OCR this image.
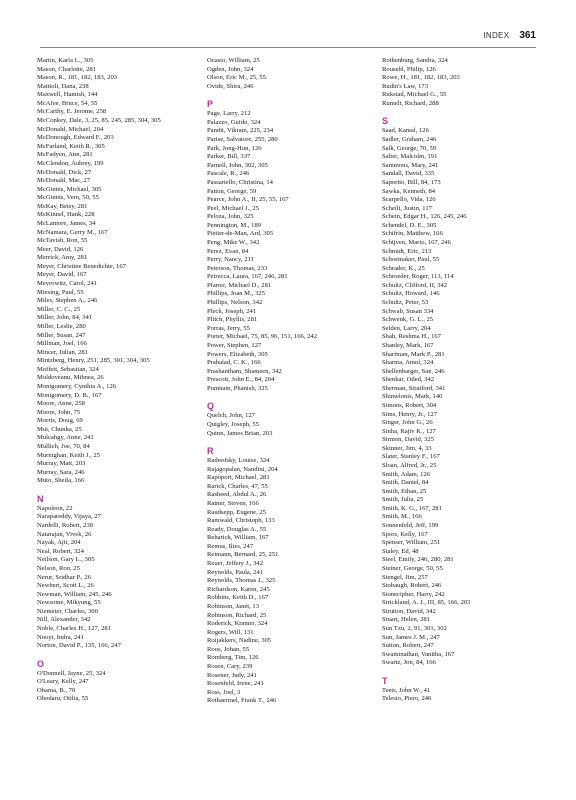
INDEX 361
Martin, Karla L., 305
Mason, Charlotte, 281
Mason, R., 181, 182, 183, 203
Mattioli, Dana, 238
Maxwell, Hamish, 144
McAfee, Bruce, 54, 55
McCarthy, E. Jerome, 258
McConkey, Dale, 3, 25, 85, 245, 285, 304, 305
McDonald, Michael, 204
McDonough, Edward F., 203
McFarland, Keith R., 305
McFadyen, Ann, 281
McClendon, Aubrey, 199
McDonald, Dick, 27
McDonald, Mac, 27
McGinnis, Michael, 305
McGinnis, Vern, 50, 55
McKay, Betsy, 281
McKinnel, Hank, 228
McLamore, James, 34
McNamara, Gerry M., 167
McTavish, Ron, 55
Meer, David, 126
Merrick, Amy, 281
Meyer, Christine Benedichte, 167
Meyer, David, 167
Meyrowitz, Carol, 241
Miesing, Paul, 55
Miles, Stephen A., 246
Miller, C. C., 25
Miller, John, 84, 341
Miller, Leslie, 280
Miller, Susan, 247
Millman, Joel, 166
Mincer, Julian, 281
Mintzberg, Henry, 251, 285, 301, 304, 305
Moffett, Sebastian, 324
Moldoveanu, Mihnea, 26
Montgomery, Cynthia A., 126
Montgomery, D. B., 167
Moore, Anne, 258
Moore, John, 75
Morris, Doug, 69
Mui, Chunka, 25
Mulcahgy, Anne, 241
Mullich, Joe, 70, 84
Murnighan, Keith J., 25
Murray, Matt, 203
Murray, Sara, 246
Muto, Sheila, 166
N
Napoleon, 22
Narapareddy, Vijaya, 27
Nardelli, Robert, 230
Natarajan, Vivek, 26
Nayak, Ajit, 204
Neal, Robert, 324
Neilson, Gary L., 305
Nelson, Ron, 25
Nerur, Sridhar P., 26
Newbert, Scott L., 26
Newman, William, 245, 246
Newsome, Mikyung, 55
Niemeier, Charles, 300
Nill, Alexander, 342
Noble, Charles H., 127, 281
Nooyi, Indra, 241
Norton, David P., 135, 166, 247
O
O'Donnell, Jayne, 25, 324
O'Leary, Kelly, 247
Obama, B., 70
Obodaru, Otilia, 55
Ocasio, William, 25
Ogden, John, 324
Olson, Eric M., 25, 55
Ovide, Shira, 246
P
Page, Larry, 212
Palazzo, Guido, 324
Pandit, Vikram, 225, 234
Parise, Salvatore, 255, 280
Park, Jong-Hun, 126
Parker, Bill, 337
Parnell, John, 302, 305
Pascale, R., 246
Passariello, Christina, 14
Patton, George, 59
Pearce, John A., II, 25, 55, 167
Peel, Michael J., 25
Peloza, John, 325
Pennington, M., 189
Pietier-de-Man, Ard, 305
Peng, Mike W., 342
Perez, Evan, 84
Perry, Nancy, 211
Peterson, Thomas, 233
Petrecca, Laura, 167, 246, 281
Pfarrer, Michael D., 281
Phillips, Joan M., 325
Phillips, Nelson, 342
Pleck, Joseph, 241
Plitch, Phyllis, 281
Porras, Jerry, 55
Porter, Michael, 75, 85, 96, 151, 166, 242
Power, Stephen, 127
Powers, Elizabeth, 305
Prahalad, C. K., 166
Prashantham, Shameen, 342
Prescott, John E., 84, 204
Pumnam, Phanish, 325
Q
Quelch, John, 127
Quigley, Joseph, 55
Quinn, James Brian, 203
R
Radnofsky, Louise, 324
Rajagopalan, Nandini, 204
Rapoport, Michael, 281
Rarick, Charles, 47, 55
Rasheed, Abdul A., 26
Ratner, Steven, 166
Raudsepp, Eugene, 25
Ramwald, Christoph, 133
Ready, Douglas A., 55
Reharick, William, 167
Remus, Ilies, 247
Reimann, Bernard, 25, 251
Reuer, Jeffery J., 342
Reynolds, Paula, 241
Reynolds, Thomas J., 325
Richardson, Karen, 245
Robbins, Keith D., 167
Robinson, Janet, 13
Robinson, Richard, 25
Roderick, Kramer, 324
Rogers, Will, 131
Roijakkers, Nadine, 305
Roos, Johan, 55
Romberg, Tim, 126
Rosen, Cary, 239
Rosener, Judy, 241
Rosenfeld, Irene, 241
Ross, Joel, 3
Rothaermel, Frank T., 246
Rothenburg, Sandra, 324
Rousebl, Philip, 126
Rowe, H., 181, 182, 183, 203
Rudin's Law, 173
Rukstad, Michael G., 55
Rumelt, Richard, 288
S
Saad, Kamal, 126
Sadler, Graham, 246
Salk, George, 70, 59
Salter, Malcolm, 191
Sammons, Mary, 241
Sandall, David, 335
Saporito, Bill, 84, 173
Sawka, Kenneth, 84
Scarpello, Vida, 126
Scheilt, Justin, 117
Schein, Edgar H., 126, 245, 246
Schendel, D. E., 305
Schifrin, Matthew, 166
Schijven, Mario, 167, 246
Schmidt, Eric, 213
Schoemaker, Paul, 55
Schrader, K., 25
Schroeder, Roger, 113, 114
Schultz, Clifford, II, 342
Schultz, Howard, 146
Schultz, Peter, 53
Schwab, Susan 334
Schwenk, G. L., 25
Selden, Larry, 204
Shah, Reshma H., 167
Shanley, Mark, 167
Sharfman, Mark P., 281
Sharma, Amol, 324
Shellenbarger, Sue, 246
Shenkar, Oded, 342
Sherman, Stratford, 341
Shimelonis, Mark, 140
Simons, Robert, 304
Sims, Henry, Jr., 127
Singer, John G., 26
Sinha, Rajiv K., 127
Sirmon, David, 325
Skinner, Jim, 4, 33
Slater, Stanley F., 167
Sloan, Alfred, Jr., 25
Smith, Adam, 126
Smith, Daniel, 84
Smith, Ethan, 25
Smith, Julia, 25
Smith, K. G., 167, 281
Smith, M., 166
Sonnenfeld, Jeff, 199
Spors, Kelly, 167
Spenser, William, 251
Staley, Ed, 48
Steel, Emily, 246, 280, 281
Steiner, George, 50, 55
Stengel, Jim, 257
Stobaugh, Robert, 246
Stonecipher, Harry, 242
Strickland, A. J., III, 85, 166, 203
Strutton, David, 342
Stuart, Helen, 281
Sun Tzu, 2, 91, 301, 302
Sun, James J. M., 247
Sutton, Robert, 247
Swaminathan, Vanitha, 167
Swartz, Jon, 84, 166
T
Teets, John W., 41
Telesio, Piero, 246
